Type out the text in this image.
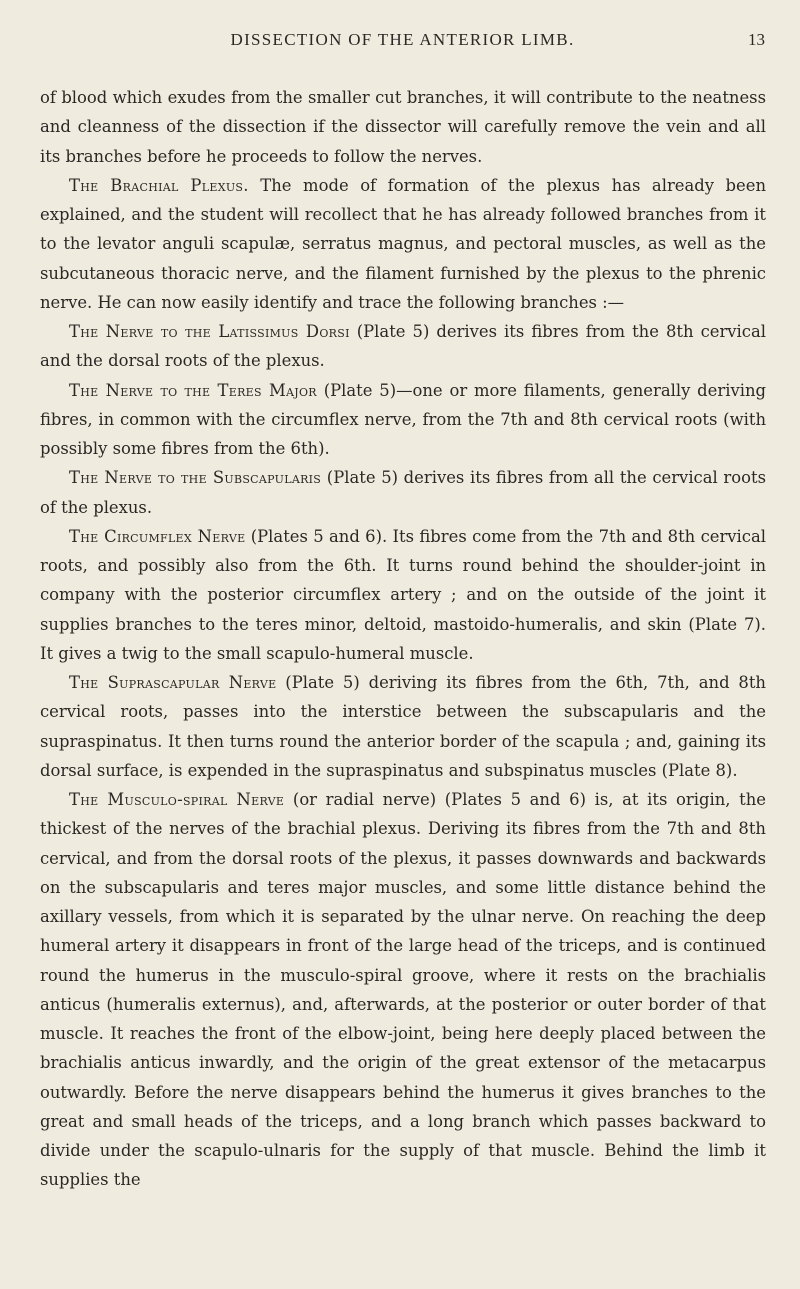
DISSECTION OF THE ANTERIOR LIMB.	13

of blood which exudes from the smaller cut branches, it will contribute to the neatness and cleanness of the dissection if the dissector will carefully remove the vein and all its branches before he proceeds to follow the nerves.

The Brachial Plexus. The mode of formation of the plexus has already been explained, and the student will recollect that he has already followed branches from it to the levator anguli scapulæ, serratus magnus, and pectoral muscles, as well as the subcutaneous thoracic nerve, and the filament furnished by the plexus to the phrenic nerve. He can now easily identify and trace the following branches :—

The Nerve to the Latissimus Dorsi (Plate 5) derives its fibres from the 8th cervical and the dorsal roots of the plexus.

The Nerve to the Teres Major (Plate 5)—one or more filaments, generally deriving fibres, in common with the circumflex nerve, from the 7th and 8th cervical roots (with possibly some fibres from the 6th).

The Nerve to the Subscapularis (Plate 5) derives its fibres from all the cervical roots of the plexus.

The Circumflex Nerve (Plates 5 and 6). Its fibres come from the 7th and 8th cervical roots, and possibly also from the 6th. It turns round behind the shoulder-joint in company with the posterior circumflex artery ; and on the outside of the joint it supplies branches to the teres minor, deltoid, mastoido-humeralis, and skin (Plate 7). It gives a twig to the small scapulo-humeral muscle.

The Suprascapular Nerve (Plate 5) deriving its fibres from the 6th, 7th, and 8th cervical roots, passes into the interstice between the subscapularis and the supraspinatus. It then turns round the anterior border of the scapula ; and, gaining its dorsal surface, is expended in the supraspinatus and subspinatus muscles (Plate 8).

The Musculo-spiral Nerve (or radial nerve) (Plates 5 and 6) is, at its origin, the thickest of the nerves of the brachial plexus. Deriving its fibres from the 7th and 8th cervical, and from the dorsal roots of the plexus, it passes downwards and backwards on the subscapularis and teres major muscles, and some little distance behind the axillary vessels, from which it is separated by the ulnar nerve. On reaching the deep humeral artery it disappears in front of the large head of the triceps, and is continued round the humerus in the musculo-spiral groove, where it rests on the brachialis anticus (humeralis externus), and, afterwards, at the posterior or outer border of that muscle. It reaches the front of the elbow-joint, being here deeply placed between the brachialis anticus inwardly, and the origin of the great extensor of the metacarpus outwardly. Before the nerve disappears behind the humerus it gives branches to the great and small heads of the triceps, and a long branch which passes backward to divide under the scapulo-ulnaris for the supply of that muscle. Behind the limb it supplies the
